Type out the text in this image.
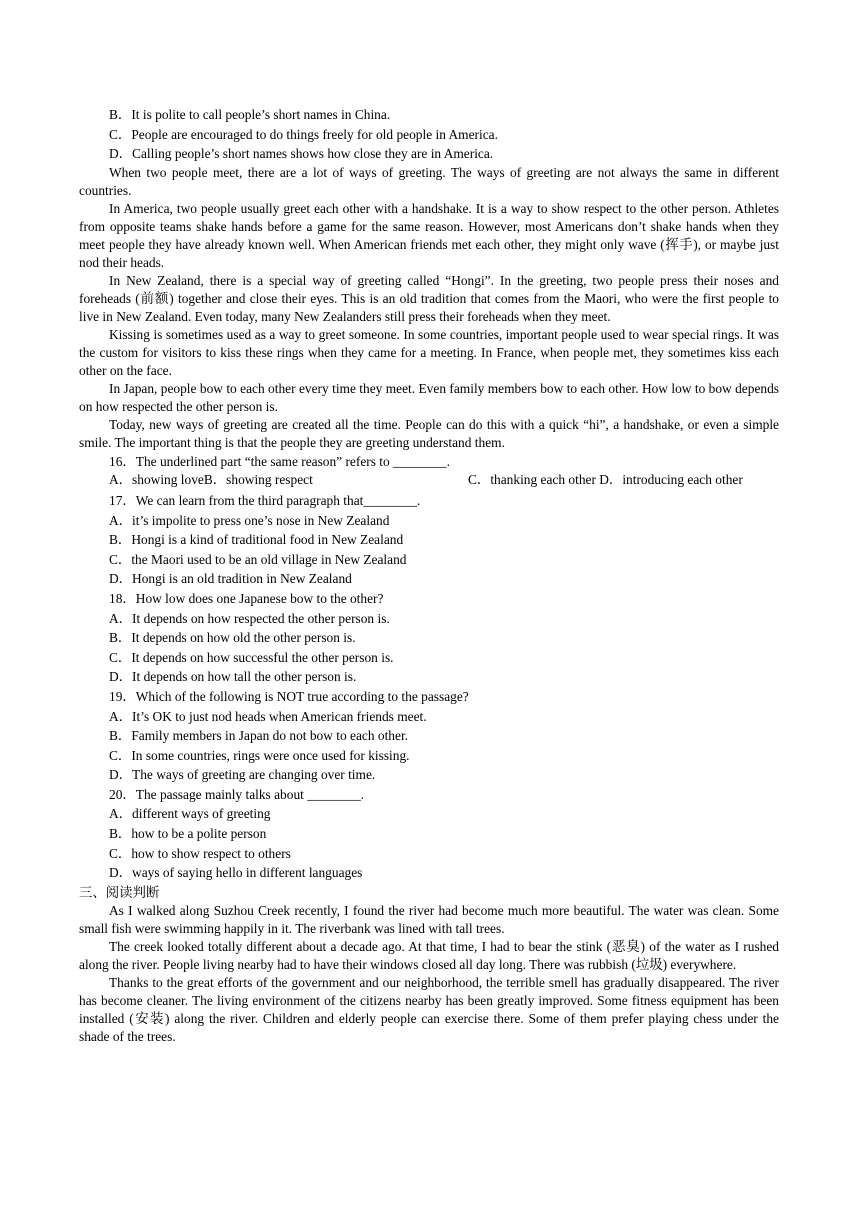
B．It is polite to call people’s short names in China.
C．People are encouraged to do things freely for old people in America.
D．Calling people’s short names shows how close they are in America.

When two people meet, there are a lot of ways of greeting. The ways of greeting are not always the same in different countries.

In America, two people usually greet each other with a handshake. It is a way to show respect to the other person. Athletes from opposite teams shake hands before a game for the same reason. However, most Americans don’t shake hands when they meet people they have already known well. When American friends met each other, they might only wave (挥手), or maybe just nod their heads.

In New Zealand, there is a special way of greeting called “Hongi”. In the greeting, two people press their noses and foreheads (前额) together and close their eyes. This is an old tradition that comes from the Maori, who were the first people to live in New Zealand. Even today, many New Zealanders still press their foreheads when they meet.

Kissing is sometimes used as a way to greet someone. In some countries, important people used to wear special rings. It was the custom for visitors to kiss these rings when they came for a meeting. In France, when people met, they sometimes kiss each other on the face.

In Japan, people bow to each other every time they meet. Even family members bow to each other. How low to bow depends on how respected the other person is.

Today, new ways of greeting are created all the time. People can do this with a quick “hi”, a handshake, or even a simple smile. The important thing is that the people they are greeting understand them.

16．The underlined part “the same reason” refers to ________.
A．showing loveB．showing respect	C．thanking each other D．introducing each other
17．We can learn from the third paragraph that________.
A．it’s impolite to press one’s nose in New Zealand
B．Hongi is a kind of traditional food in New Zealand
C．the Maori used to be an old village in New Zealand
D．Hongi is an old tradition in New Zealand
18．How low does one Japanese bow to the other?
A．It depends on how respected the other person is.
B．It depends on how old the other person is.
C．It depends on how successful the other person is.
D．It depends on how tall the other person is.
19．Which of the following is NOT true according to the passage?
A．It’s OK to just nod heads when American friends meet.
B．Family members in Japan do not bow to each other.
C．In some countries, rings were once used for kissing.
D．The ways of greeting are changing over time.
20．The passage mainly talks about ________.
A．different ways of greeting
B．how to be a polite person
C．how to show respect to others
D．ways of saying hello in different languages
三、阅读判断

As I walked along Suzhou Creek recently, I found the river had become much more beautiful. The water was clean. Some small fish were swimming happily in it. The riverbank was lined with tall trees.

The creek looked totally different about a decade ago. At that time, I had to bear the stink (恶臭) of the water as I rushed along the river. People living nearby had to have their windows closed all day long. There was rubbish (垃圾) everywhere.

Thanks to the great efforts of the government and our neighborhood, the terrible smell has gradually disappeared. The river has become cleaner. The living environment of the citizens nearby has been greatly improved. Some fitness equipment has been installed (安装) along the river. Children and elderly people can exercise there. Some of them prefer playing chess under the shade of the trees.
